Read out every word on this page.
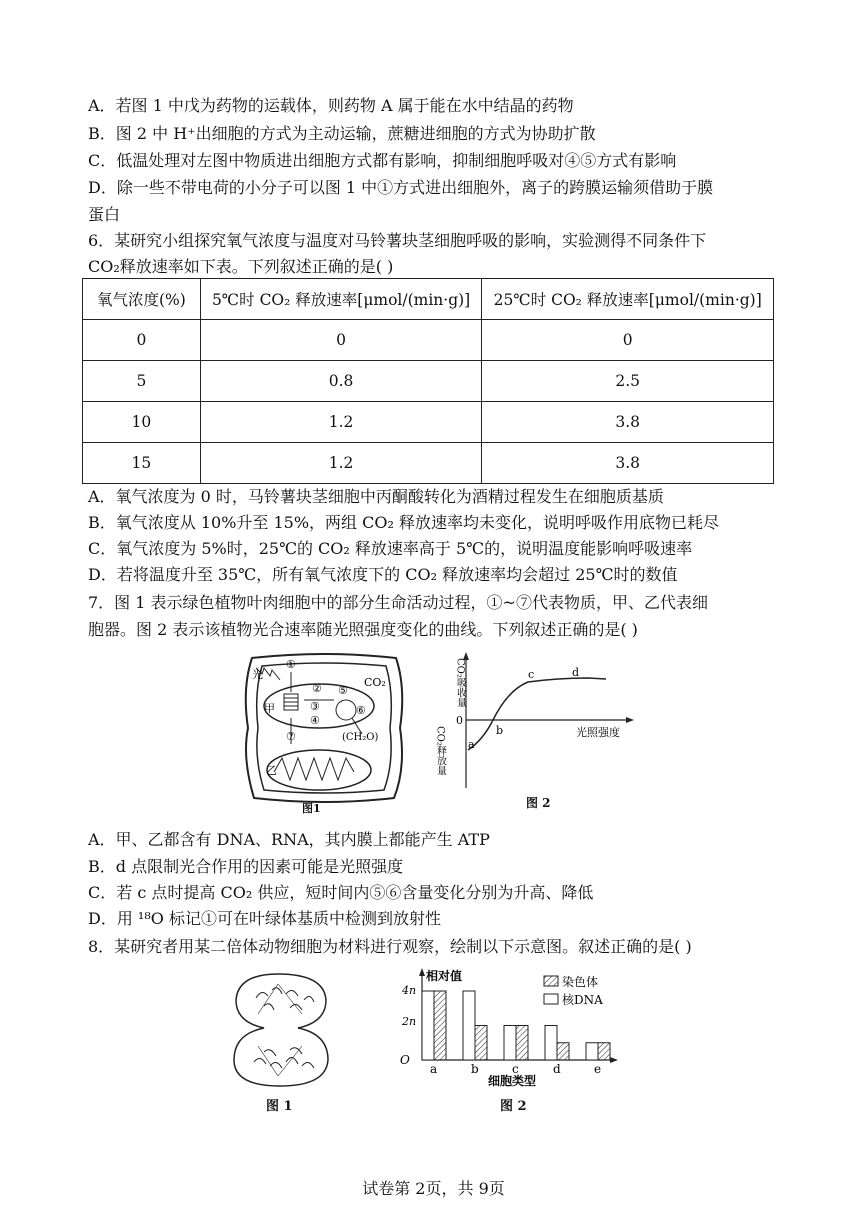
A．若图 1 中戊为药物的运载体，则药物 A 属于能在水中结晶的药物
B．图 2 中 H⁺出细胞的方式为主动运输，蔗糖进细胞的方式为协助扩散
C．低温处理对左图中物质进出细胞方式都有影响，抑制细胞呼吸对④⑤方式有影响
D．除一些不带电荷的小分子可以图 1 中①方式进出细胞外，离子的跨膜运输须借助于膜
蛋白
6．某研究小组探究氧气浓度与温度对马铃薯块茎细胞呼吸的影响，实验测得不同条件下
CO₂释放速率如下表。下列叙述正确的是( )
氧气浓度(%)	5℃时 CO₂ 释放速率[μmol/(min·g)]	25℃时 CO₂ 释放速率[μmol/(min·g)]
0	0	0
5	0.8	2.5
10	1.2	3.8
15	1.2	3.8
A．氧气浓度为 0 时，马铃薯块茎细胞中丙酮酸转化为酒精过程发生在细胞质基质
B．氧气浓度从 10%升至 15%，两组 CO₂ 释放速率均未变化，说明呼吸作用底物已耗尽
C．氧气浓度为 5%时，25℃的 CO₂ 释放速率高于 5℃的，说明温度能影响呼吸速率
D．若将温度升至 35℃，所有氧气浓度下的 CO₂ 释放速率均会超过 25℃时的数值
7．图 1 表示绿色植物叶肉细胞中的部分生命活动过程，①~⑦代表物质，甲、乙代表细
胞器。图 2 表示该植物光合速率随光照强度变化的曲线。下列叙述正确的是( )
光
甲
乙
CO₂
(CH₂O)
①
②
③
④
⑤
⑥
⑦
图1
CO₂吸收量
CO₂释放量
0
光照强度
a
b
c	d
图 2
A．甲、乙都含有 DNA、RNA，其内膜上都能产生 ATP
B．d 点限制光合作用的因素可能是光照强度
C．若 c 点时提高 CO₂ 供应，短时间内⑤⑥含量变化分别为升高、降低
D．用 ¹⁸O 标记①可在叶绿体基质中检测到放射性
8．某研究者用某二倍体动物细胞为材料进行观察，绘制以下示意图。叙述正确的是( )
图 1
相对值
O
2n
4n
细胞类型
染色体
核DNA
a	b	c	d	e
图 2
试卷第 2页，共 9页
